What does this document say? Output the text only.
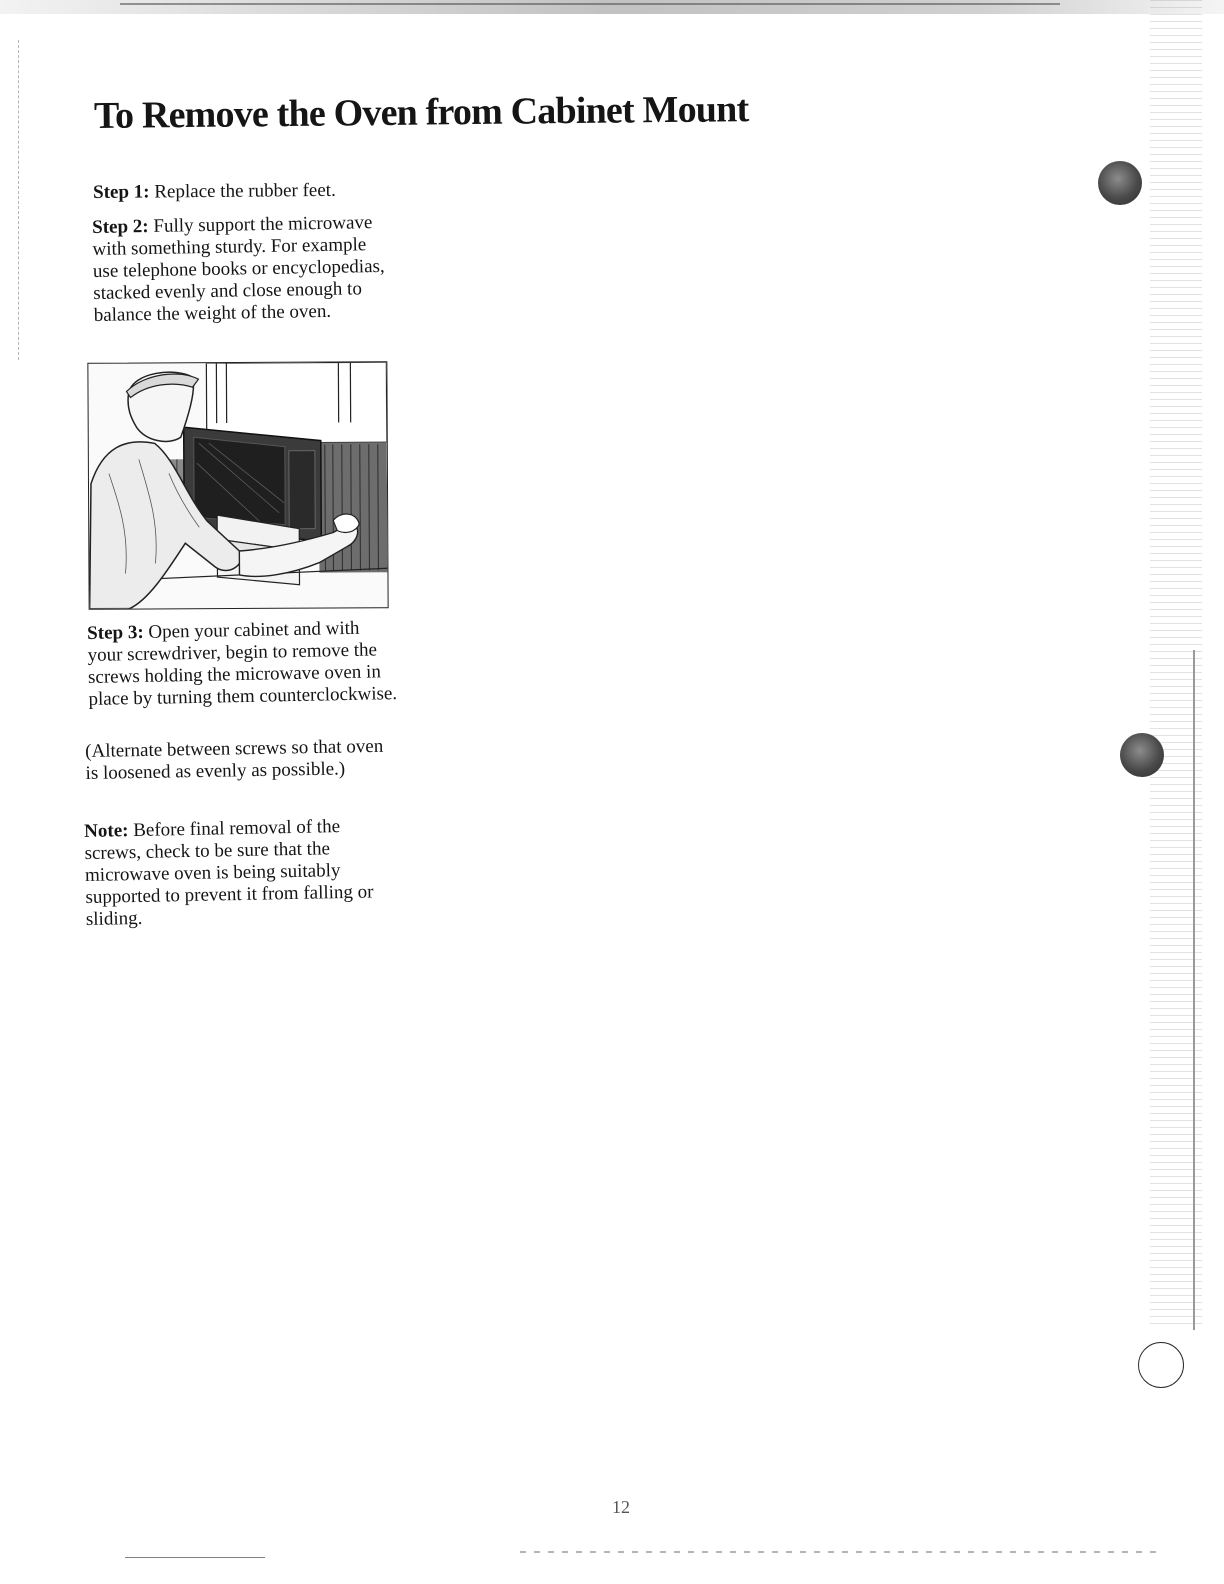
To Remove the Oven from Cabinet Mount

Step 1: Replace the rubber feet.

Step 2: Fully support the microwave with something sturdy. For example use telephone books or encyclopedias, stacked evenly and close enough to balance the weight of the oven.

Step 3: Open your cabinet and with your screwdriver, begin to remove the screws holding the microwave oven in place by turning them counterclockwise.

(Alternate between screws so that oven is loosened as evenly as possible.)

Note: Before final removal of the screws, check to be sure that the microwave oven is being suitably supported to prevent it from falling or sliding.

12
